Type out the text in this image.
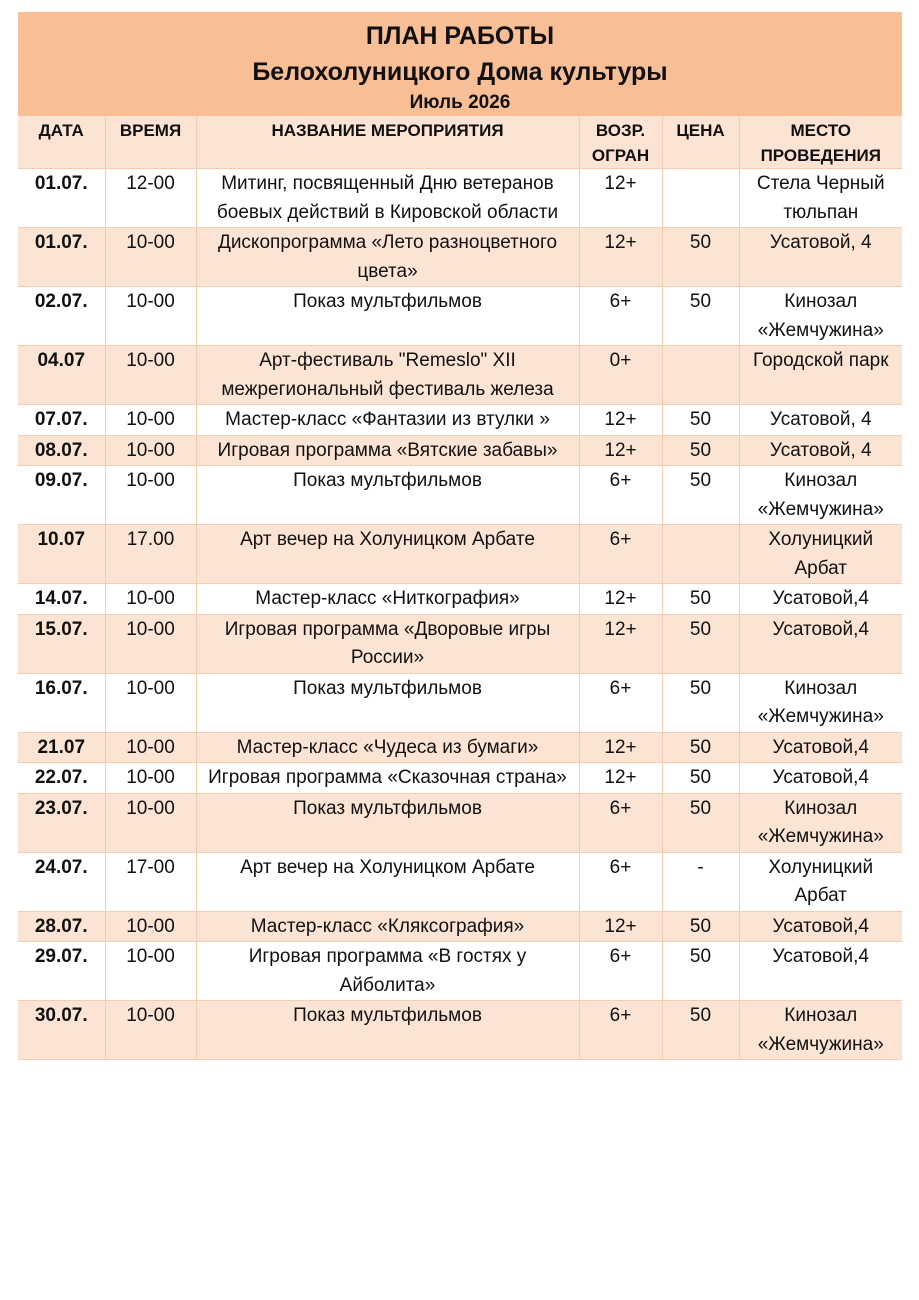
ПЛАН РАБОТЫ
Белохолуницкого Дома культуры
Июль 2026
ДАТА	ВРЕМЯ	НАЗВАНИЕ МЕРОПРИЯТИЯ	ВОЗР. ОГРАН	ЦЕНА	МЕСТО ПРОВЕДЕНИЯ
01.07.	12-00	Митинг, посвященный Дню ветеранов боевых действий в Кировской области	12+		Стела Черный тюльпан
01.07.	10-00	Дископрограмма «Лето разноцветного цвета»	12+	50	Усатовой, 4
02.07.	10-00	Показ мультфильмов	6+	50	Кинозал «Жемчужина»
04.07	10-00	Арт-фестиваль "Remeslo" XII межрегиональный фестиваль железа	0+		Городской парк
07.07.	10-00	Мастер-класс «Фантазии из втулки »	12+	50	Усатовой, 4
08.07.	10-00	Игровая программа «Вятские забавы»	12+	50	Усатовой, 4
09.07.	10-00	Показ мультфильмов	6+	50	Кинозал «Жемчужина»
10.07	17.00	Арт вечер на Холуницком Арбате	6+		Холуницкий Арбат
14.07.	10-00	Мастер-класс «Ниткография»	12+	50	Усатовой,4
15.07.	10-00	Игровая программа «Дворовые игры России»	12+	50	Усатовой,4
16.07.	10-00	Показ мультфильмов	6+	50	Кинозал «Жемчужина»
21.07	10-00	Мастер-класс «Чудеса из бумаги»	12+	50	Усатовой,4
22.07.	10-00	Игровая программа «Сказочная страна»	12+	50	Усатовой,4
23.07.	10-00	Показ мультфильмов	6+	50	Кинозал «Жемчужина»
24.07.	17-00	Арт вечер на Холуницком Арбате	6+	-	Холуницкий Арбат
28.07.	10-00	Мастер-класс «Кляксография»	12+	50	Усатовой,4
29.07.	10-00	Игровая программа «В гостях у Айболита»	6+	50	Усатовой,4
30.07.	10-00	Показ мультфильмов	6+	50	Кинозал «Жемчужина»
